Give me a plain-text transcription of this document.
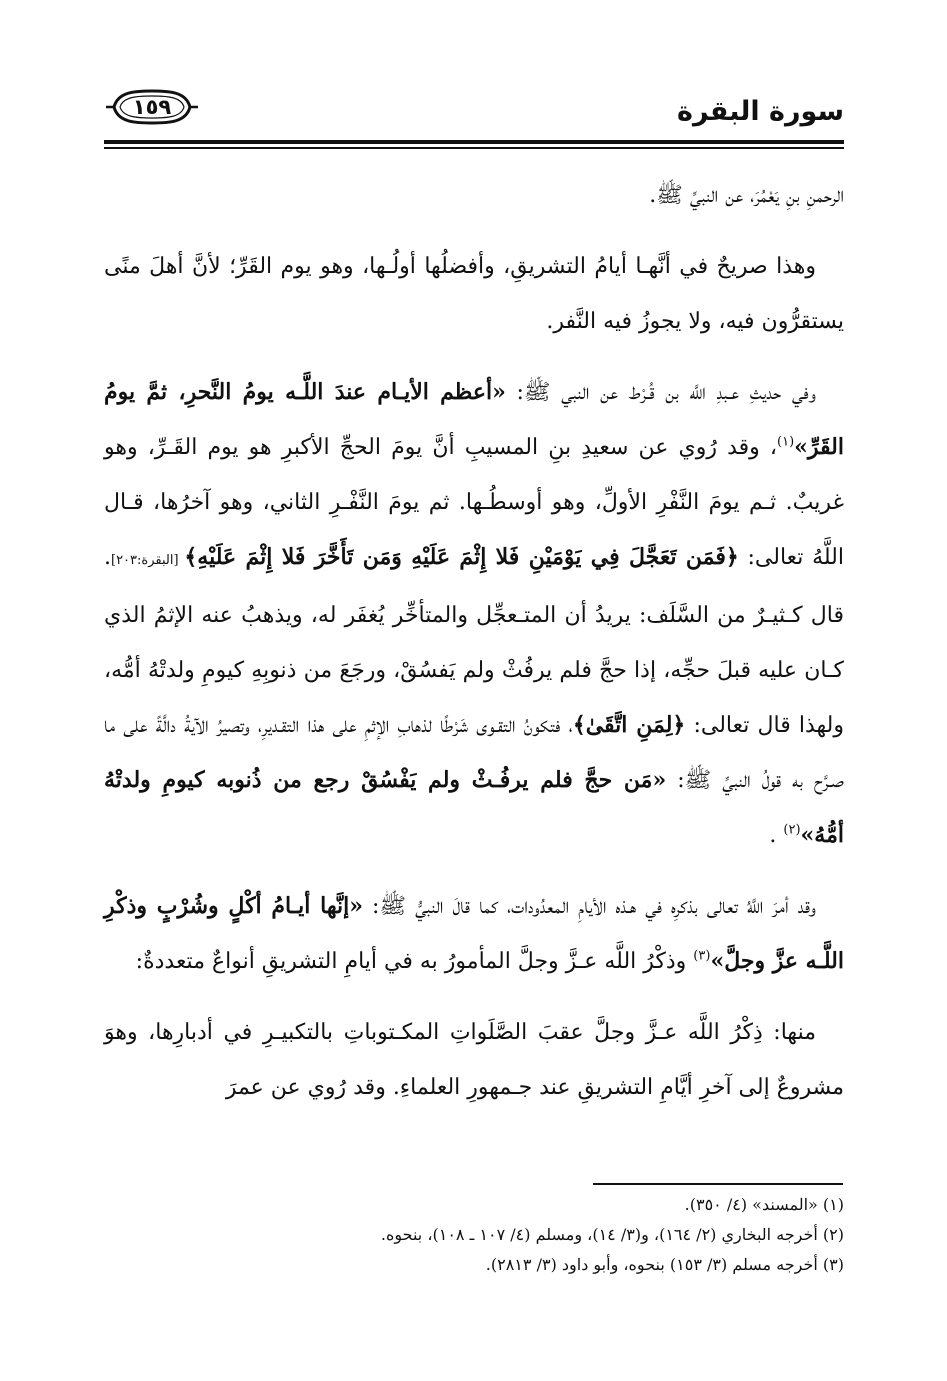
سورة البقرة
١٥٩

الرحمنِ بنِ يَعْمُرَ، عن النبيِّ ﷺ.

وهذا صريحٌ في أنَّهـا أيامُ التشريقِ، وأفضلُها أولُـها، وهو يوم القَرِّ؛ لأنَّ أهلَ منًى يستقرُّون فيه، ولا يجوزُ فيه النَّفر.

وفي حديثِ عـبدِ اللَّه بن قُـرْط عن النبي ﷺ: «أعظم الأيـام عندَ اللَّـه يومُ النَّحرِ، ثمَّ يومُ القَرِّ»$^{(١)}$، وقد رُوي عن سعيدِ بنِ المسيبِ أنَّ يومَ الحجِّ الأكبرِ هو يوم القَـرِّ، وهو غريبٌ. ثـم يومَ النَّفْرِ الأولِّ، وهو أوسطُـها. ثم يومَ النَّفْـرِ الثاني، وهو آخرُها، قـال اللَّهُ تعالى: ﴿فَمَن تَعَجَّلَ فِي يَوْمَيْنِ فَلا إِثْمَ عَلَيْهِ وَمَن تَأَخَّرَ فَلا إِثْمَ عَلَيْهِ﴾ [البقرة:٢٠٣]. قال كـثيـرٌ من السَّلَف: يريدُ أن المتـعجِّل والمتأخِّر يُغفَر له، ويذهبُ عنه الإثمُ الذي كـان عليه قبلَ حجِّه، إذا حجَّ فلم يرفُثْ ولم يَفسُقْ، ورجَعَ من ذنوبِهِ كيومِ ولدتْهُ أمُّه، ولهذا قال تعالى: ﴿لِمَنِ اتَّقَىٰ﴾، فتكونُ التقـوى شَرْطًا لذهابِ الإثمِ على هذا التقـديرِ، وتصيرُ الآيةُ دالَّةً على ما صـرَّح به قولُ النبيِّ ﷺ: «مَن حجَّ فلم يرفُـثْ ولم يَفْسُقْ رجع من ذُنوبه كيومِ ولدتْهُ أمُّهُ»$^{(٢)}$ .

وقد أمرَ اللَّهُ تعالى بذكرِه في هـذه الأيامِ المعدُودات، كما قالَ النبيُّ ﷺ: «إنَّها أيـامُ أكْلٍ وشُرْبٍ وذكْرِ اللَّـه عزَّ وجلَّ»$^{(٣)}$ وذكْرُ اللَّه عـزَّ وجلَّ المأمورُ به في أيامِ التشريقِ أنواعٌ متعددةٌ:

منها: ذِكْرُ اللَّه عـزَّ وجلَّ عقبَ الصَّلَواتِ المكـتوباتِ بالتكبيـرِ في أدبارِها، وهوَ مشروعٌ إلى آخرِ أيَّامِ التشريقِ عند جـمهورِ العلماءِ. وقد رُوي عن عمرَ

(١) «المسند» (٤/ ٣٥٠).

(٢) أخرجه البخاري (٢/ ١٦٤)، و(٣/ ١٤)، ومسلم (٤/ ١٠٧ ـ ١٠٨)، بنحوه.

(٣) أخرجه مسلم (٣/ ١٥٣) بنحوه، وأبو داود (٣/ ٢٨١٣).
